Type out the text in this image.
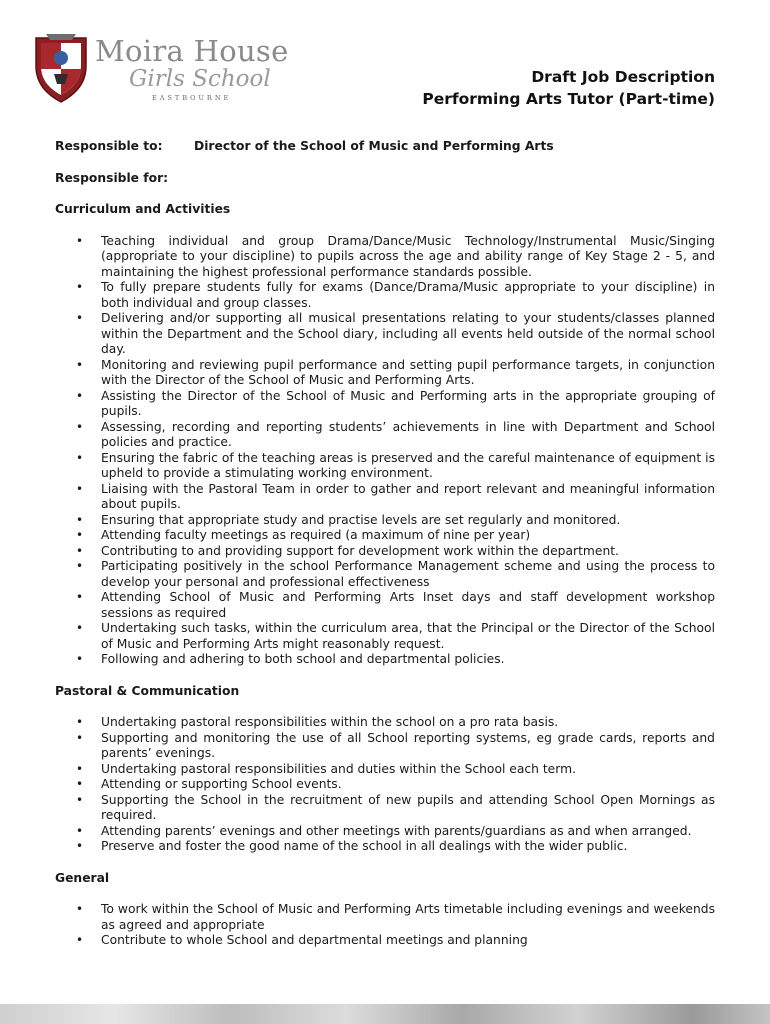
Moira House
Girls School
EASTBOURNE
Draft Job Description
Performing Arts Tutor (Part-time)
Responsible to:	Director of the School of Music and Performing Arts
Responsible for:
Curriculum and Activities
• Teaching individual and group Drama/Dance/Music Technology/Instrumental Music/Singing (appropriate to your discipline) to pupils across the age and ability range of Key Stage 2 - 5, and maintaining the highest professional performance standards possible.
• To fully prepare students fully for exams (Dance/Drama/Music appropriate to your discipline) in both individual and group classes.
• Delivering and/or supporting all musical presentations relating to your students/classes planned within the Department and the School diary, including all events held outside of the normal school day.
• Monitoring and reviewing pupil performance and setting pupil performance targets, in conjunction with the Director of the School of Music and Performing Arts.
• Assisting the Director of the School of Music and Performing arts in the appropriate grouping of pupils.
• Assessing, recording and reporting students’ achievements in line with Department and School policies and practice.
• Ensuring the fabric of the teaching areas is preserved and the careful maintenance of equipment is upheld to provide a stimulating working environment.
• Liaising with the Pastoral Team in order to gather and report relevant and meaningful information about pupils.
• Ensuring that appropriate study and practise levels are set regularly and monitored.
• Attending faculty meetings as required (a maximum of nine per year)
• Contributing to and providing support for development work within the department.
• Participating positively in the school Performance Management scheme and using the process to develop your personal and professional effectiveness
• Attending School of Music and Performing Arts Inset days and staff development workshop sessions as required
• Undertaking such tasks, within the curriculum area, that the Principal or the Director of the School of Music and Performing Arts might reasonably request.
• Following and adhering to both school and departmental policies.
Pastoral & Communication
• Undertaking pastoral responsibilities within the school on a pro rata basis.
• Supporting and monitoring the use of all School reporting systems, eg grade cards, reports and parents’ evenings.
• Undertaking pastoral responsibilities and duties within the School each term.
• Attending or supporting School events.
• Supporting the School in the recruitment of new pupils and attending School Open Mornings as required.
• Attending parents’ evenings and other meetings with parents/guardians as and when arranged.
• Preserve and foster the good name of the school in all dealings with the wider public.
General
• To work within the School of Music and Performing Arts timetable including evenings and weekends as agreed and appropriate
• Contribute to whole School and departmental meetings and planning
